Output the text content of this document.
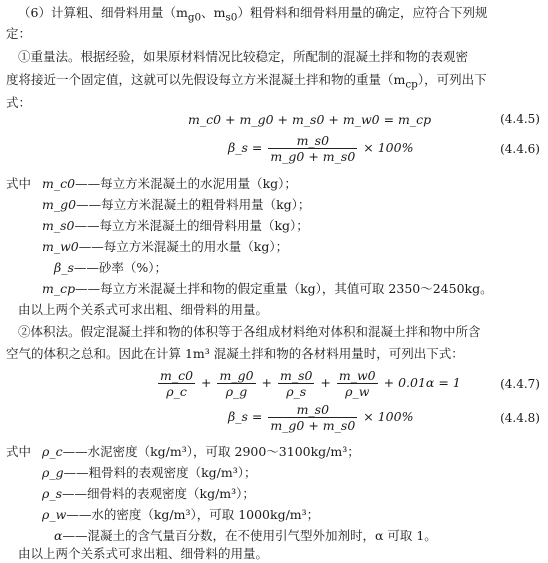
（6）计算粗、细骨料用量（$m_{g0}$、$m_{s0}$）粗骨料和细骨料用量的确定，应符合下列规
定：
①重量法。根据经验，如果原材料情况比较稳定，所配制的混凝土拌和物的表观密
度将接近一个固定值，这就可以先假设每立方米混凝土拌和物的重量$(m_{cp})$，可列出下
式：
m_c0 + m_g0 + m_s0 + m_w0 = m_cp	(4.4.5)
β_s = $\frac{m\_s0}{m\_g0 + m\_s0} \times 100\%$	(4.4.6)
式中 m_c0——每立方米混凝土的水泥用量（kg）；
m_g0——每立方米混凝土的粗骨料用量（kg）；
m_s0——每立方米混凝土的细骨料用量（kg）；
m_w0——每立方米混凝土的用水量（kg）；
β_s——砂率（%）；
m_cp——每立方米混凝土拌和物的假定重量（kg），其值可取 2350～2450kg。
由以上两个关系式可求出粗、细骨料的用量。
②体积法。假定混凝土拌和物的体积等于各组成材料绝对体积和混凝土拌和物中所含
空气的体积之总和。因此在计算 1m³ 混凝土拌和物的各材料用量时，可列出下式：
$\frac{m\_c0}{\rho\_c} + \frac{m\_g0}{\rho\_g} + \frac{m\_s0}{\rho\_s} + \frac{m\_w0}{\rho\_w} + 0.01\alpha = 1$	(4.4.7)
β_s = $\frac{m\_s0}{m\_g0 + m\_s0} \times 100\%$	(4.4.8)
式中 ρ_c——水泥密度（kg/m³），可取 2900～3100kg/m³；
ρ_g——粗骨料的表观密度（kg/m³）；
ρ_s——细骨料的表观密度（kg/m³）；
ρ_w——水的密度（kg/m³），可取 1000kg/m³；
α——混凝土的含气量百分数，在不使用引气型外加剂时，α 可取 1。
由以上两个关系式可求出粗、细骨料的用量。
